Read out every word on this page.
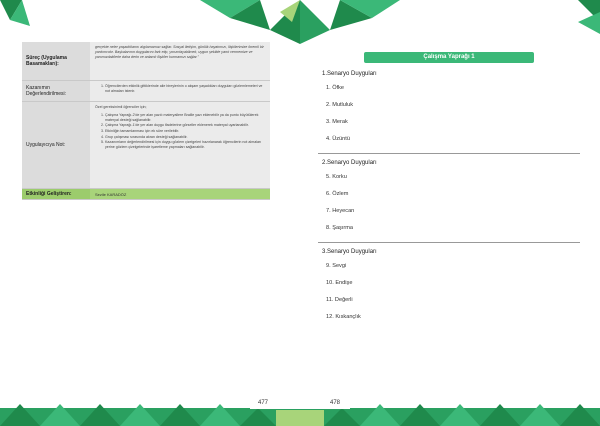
Süreç (Uygulama Basamakları):
gerçekte neler yaşadıklarını algılamamızı sağlar. Sosyal iletişim, günlük hayatımızı, ilişkilerimize önemli bir yardımcıdır. Başkalarının duygularını fark etip, yorumlayabilmek, uygun şekilde yanıt vermemize ve yanımızdakilerle daha derin ve anlamlı ilişkiler kurmamızı sağlar."
Kazanımın Değerlendirilmesi:
1. Öğrencilerden etkinlik gittiklerinde aile bireylerinin o akşam yaşadıkları duyguları gözlemlemeleri ve not almaları istenir.
Uygulayıcıya Not:
Özel gereksinimli öğrenciler için;
1. Çalışma Yaprağı-2'de yer alan yazılı materyallere Braille yazı eklenebilir ya da punto büyütülerek materyal desteği sağlanabilir.
2. Çalışma Yaprağı-1'de yer alan duygu ifadelerine görseller eklenerek materyal uyarlanabilir.
3. Etkinliğin tamamlanması için ek süre verilebilir.
4. Grup çalışması sırasında akran desteği sağlanabilir.
5. Kazanımların değerlendirilmesi için duygu gözlem çizelgeleri hazırlanarak öğrencilerin not almaları yerine gözlem çizelgelerinde işaretleme yapmaları sağlanabilir.
Etkinliği Geliştiren:	Sezile KARADÖZ
Çalışma Yaprağı 1
1.Senaryo Duyguları
1. Öfke
2. Mutluluk
3. Merak
4. Üzüntü
2.Senaryo Duyguları
5. Korku
6. Özlem
7. Heyecan
8. Şaşırma
3.Senaryo Duyguları
9. Sevgi
10. Endişe
11. Değerli
12. Kıskançlık
477	478
